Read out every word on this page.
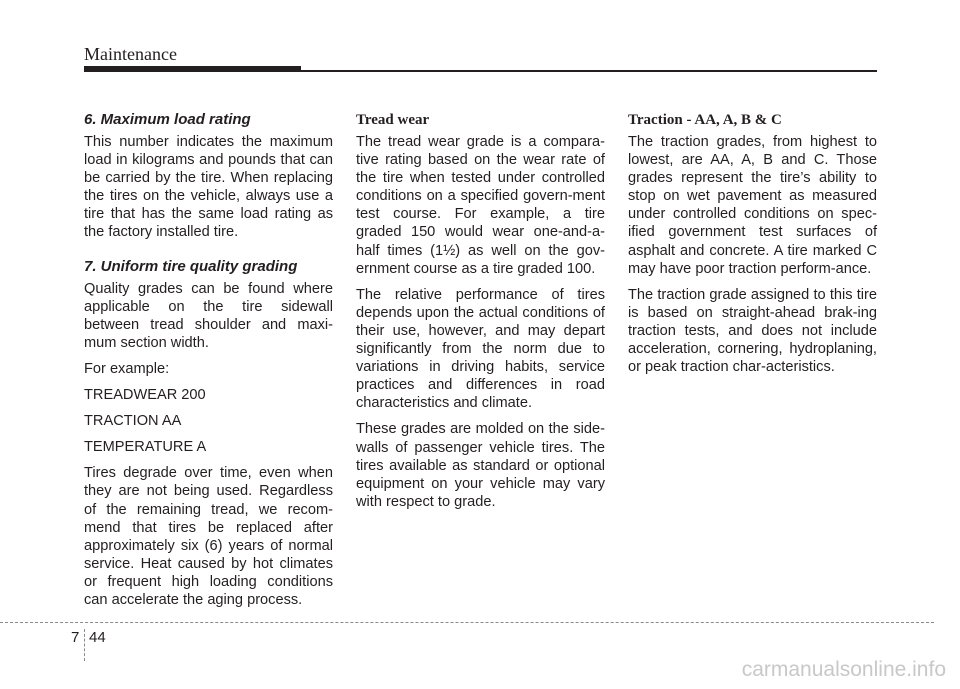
Maintenance
6. Maximum load rating

This number indicates the maximum load in kilograms and pounds that can be carried by the tire. When replacing the tires on the vehicle, always use a tire that has the same load rating as the factory installed tire.

7. Uniform tire quality grading

Quality grades can be found where applicable on the tire sidewall between tread shoulder and maxi-mum section width.

For example:

TREADWEAR 200

TRACTION AA

TEMPERATURE A

Tires degrade over time, even when they are not being used. Regardless of the remaining tread, we recom-mend that tires be replaced after approximately six (6) years of normal service. Heat caused by hot climates or frequent high loading conditions can accelerate the aging process.

Tread wear

The tread wear grade is a compara-tive rating based on the wear rate of the tire when tested under controlled conditions on a specified govern-ment test course. For example, a tire graded 150 would wear one-and-a-half times (1½) as well on the gov-ernment course as a tire graded 100.

The relative performance of tires depends upon the actual conditions of their use, however, and may depart significantly from the norm due to variations in driving habits, service practices and differences in road characteristics and climate.

These grades are molded on the side-walls of passenger vehicle tires. The tires available as standard or optional equipment on your vehicle may vary with respect to grade.

Traction - AA, A, B & C

The traction grades, from highest to lowest, are AA, A, B and C. Those grades represent the tire’s ability to stop on wet pavement as measured under controlled conditions on spec-ified government test surfaces of asphalt and concrete. A tire marked C may have poor traction perform-ance.

The traction grade assigned to this tire is based on straight-ahead brak-ing traction tests, and does not include acceleration, cornering, hydroplaning, or peak traction char-acteristics.

7 44
carmanualsonline.info
